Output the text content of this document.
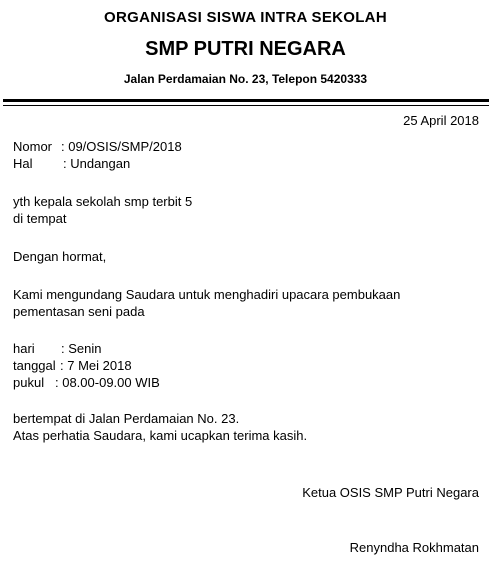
ORGANISASI SISWA INTRA SEKOLAH
SMP PUTRI NEGARA
Jalan Perdamaian No. 23, Telepon 5420333
25 April 2018
Nomor : 09/OSIS/SMP/2018
Hal : Undangan
yth kepala sekolah smp terbit 5
di tempat
Dengan hormat,
Kami mengundang Saudara untuk menghadiri upacara pembukaan
pementasan seni pada
hari : Senin
tanggal : 7 Mei 2018
pukul : 08.00-09.00 WIB
bertempat di Jalan Perdamaian No. 23.
Atas perhatia Saudara, kami ucapkan terima kasih.
Ketua OSIS SMP Putri Negara
Renyndha Rokhmatan
